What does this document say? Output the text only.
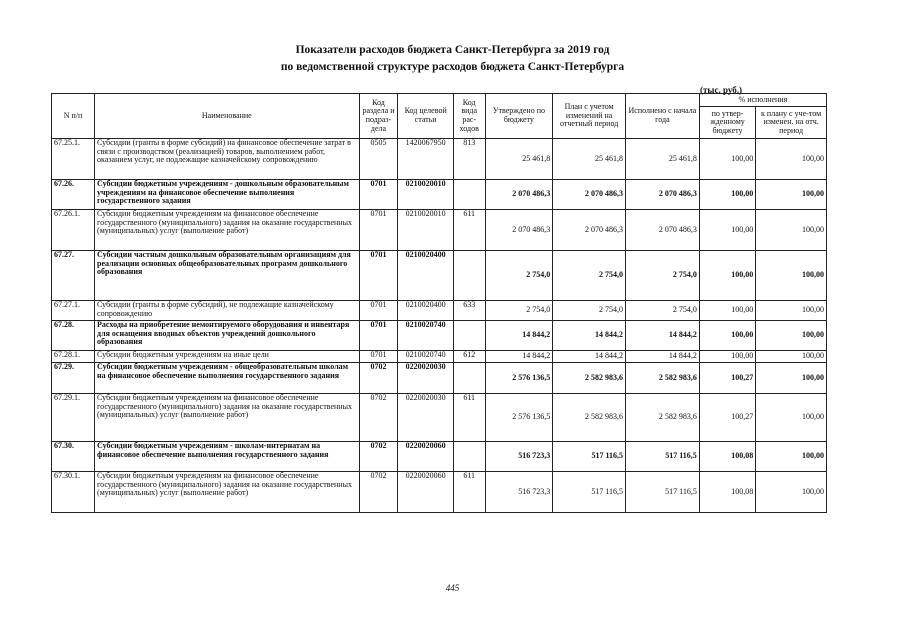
Показатели расходов бюджета Санкт-Петербурга за 2019 год
по ведомственной структуре расходов бюджета Санкт-Петербурга
(тыс. руб.)
N п/п	Наименование	Код раздела и подраз-дела	Код целевой статьи	Код вида рас-ходов	Утверждено по бюджету	План с учетом изменений на отчетный период	Исполнено с начала года	% исполнения	
								по утвер-жденному бюджету	к плану с уче-том изменен. на отч. период
67.25.1.	Субсидии (гранты в форме субсидий) на финансовое обеспечение затрат в связи с производством (реализацией) товаров, выполнением работ, оказанием услуг, не подлежащие казначейскому сопровождению	0505	1420067950	813	25 461,8	25 461,8	25 461,8	100,00	100,00
67.26.	Субсидии бюджетным учреждениям - дошкольным образовательным учреждениям на финансовое обеспечение выполнения государственного задания	0701	0210020010		2 070 486,3	2 070 486,3	2 070 486,3	100,00	100,00
67.26.1.	Субсидии бюджетным учреждениям на финансовое обеспечение государственного (муниципального) задания на оказание государственных (муниципальных) услуг (выполнение работ)	0701	0210020010	611	2 070 486,3	2 070 486,3	2 070 486,3	100,00	100,00
67.27.	Субсидии частным дошкольным образовательным организациям для реализации основных общеобразовательных программ дошкольного образования	0701	0210020400		2 754,0	2 754,0	2 754,0	100,00	100,00
67.27.1.	Субсидии (гранты в форме субсидий), не подлежащие казначейскому сопровождению	0701	0210020400	633	2 754,0	2 754,0	2 754,0	100,00	100,00
67.28.	Расходы на приобретение немонтируемого оборудования и инвентаря для оснащения вводных объектов учреждений дошкольного образования	0701	0210020740		14 844,2	14 844,2	14 844,2	100,00	100,00
67.28.1.	Субсидии бюджетным учреждениям на иные цели	0701	0210020740	612	14 844,2	14 844,2	14 844,2	100,00	100,00
67.29.	Субсидии бюджетным учреждениям - общеобразовательным школам на финансовое обеспечение выполнения государственного задания	0702	0220020030		2 576 136,5	2 582 983,6	2 582 983,6	100,27	100,00
67.29.1.	Субсидии бюджетным учреждениям на финансовое обеспечение государственного (муниципального) задания на оказание государственных (муниципальных) услуг (выполнение работ)	0702	0220020030	611	2 576 136,5	2 582 983,6	2 582 983,6	100,27	100,00
67.30.	Субсидии бюджетным учреждениям - школам-интернатам на финансовое обеспечение выполнения государственного задания	0702	0220020060		516 723,3	517 116,5	517 116,5	100,08	100,00
67.30.1.	Субсидии бюджетным учреждениям на финансовое обеспечение государственного (муниципального) задания на оказание государственных (муниципальных) услуг (выполнение работ)	0702	0220020060	611	516 723,3	517 116,5	517 116,5	100,08	100,00
445
